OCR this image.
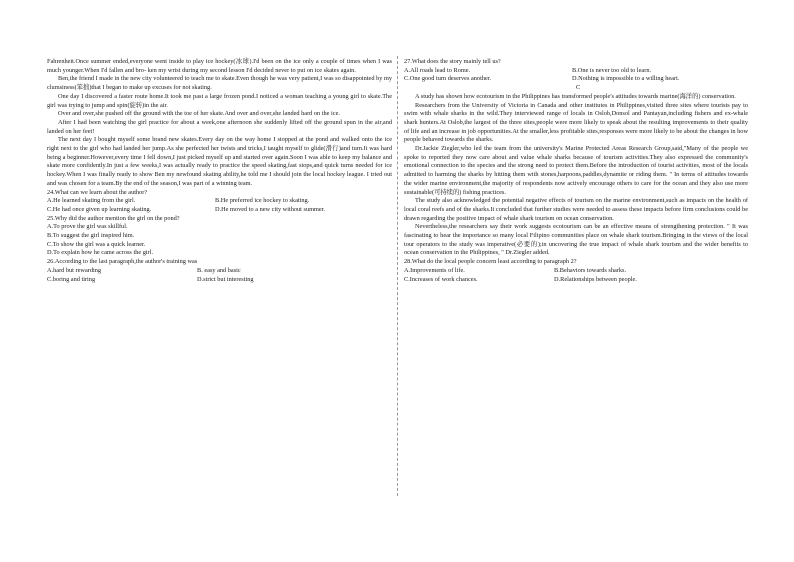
Fahrenheit.Once summer ended,everyone went inside to play ice hockey(冰球).I'd been on the ice only a couple of times when I was much younger.When I'd fallen and bro- ken my wrist during my second lesson I'd decided never to put on ice skates again.

Ben,the friend I made in the new city volunteered to teach me to skate.Even though he was very patient,I was so disappointed by my clumsiness(笨拙)that I began to make up excuses for not skating.

One day I discovered a faster route home.It took me past a large frozen pond.I noticed a woman teaching a young girl to skate.The girl was trying to jump and spin(旋转)in the air.

Over and over,she pushed off the ground with the toe of her skate.And over and over,she landed hard on the ice.

After I had been watching the girl practice for about a week,one afternoon she suddenly lifted off the ground spun in the air,and landed on her feet!

The next day I bought myself some brand new skates.Every day on the way home I stopped at the pond and walked onto the ice right next to the girl who had landed her jump.As she perfected her twists and tricks,I taught myself to glide(滑行)and turn.It was hard being a beginner.However,every time I fell down,I just picked myself up and started over again.Soon I was able to keep my balance and skate more confidently.In just a few weeks,I was actually ready to practice the speed skating,fast stops,and quick turns needed for ice hockey.When I was finally ready to show Ben my newfound skating ability,he told me I should join the local hockey league. I tried out and was chosen for a team.By the end of the season,I was part of a winning team.

24.What can we learn about the author?

A.He learned skating from the girl.	B.He preferred ice hockey to skating.
C.He had once given up learning skating.	D.He moved to a new city without summer.

25.Why did the author mention the girl on the pond?

A.To prove the girl was skillful.
B.To suggest the girl inspired him.
C.To show the girl was a quick learner.
D.To explain how he came across the girl.

26.According to the last paragraph,the author's training was

A.hard but rewarding	B. easy and basic
C.boring and tiring	D.strict but interesting

27.What does the story mainly tell us?

A.All roads lead to Rome.	B.One is never too old to learn.
C.One good turn deserves another.	D.Nothing is impossible to a willing heart.

C

A study has shown how ecotourism in the Philippines has transformed people's attitudes towards marine(海洋的) conservation.

Researchers from the University of Victoria in Canada and other institutes in Philippines,visited three sites where tourists pay to swim with whale sharks in the wild.They interviewed range of locals in Oslob,Donsol and Pantayan,including fishers and ex-whale shark hunters.At Oslob,the largest of the three sites,people were more likely to speak about the resulting improvements to their quality of life and an increase in job opportunities.At the smaller,less profitable sites,responses were more likely to be about the changes in how people behaved towards the sharks.

Dr.Jackie Ziegler,who led the team from the university's Marine Protected Areas Research Group,said,"Many of the people we spoke to reported they now care about and value whale sharks because of tourism activities.They also expressed the community's emotional connection to the species and the strong need to protect them.Before the introduction of tourist activities, most of the locals admitted to harming the sharks by hitting them with stones,harpoons,paddles,dynamite or riding them. " In terms of attitudes towards the wider marine environment,the majority of respondents now actively encourage others to care for the ocean and they also use more sustainable(可持续的) fishing practices.

The study also acknowledged the potential negative effects of tourism on the marine environment,such as impacts on the health of local coral reefs and of the sharks.It concluded that further studies were needed to assess these impacts before firm conclusions could be drawn regarding the positive impact of whale shark tourism on ocean conservation.

Nevertheless,the researchers say their work suggests ecotourism can be an effective means of strengthening protection. " It was fascinating to hear the importance so many local Filipino communities place on whale shark tourism.Bringing in the views of the local tour operators to the study was imperative(必要的);in uncovering the true impact of whale shark tourism and the wider benefits to ocean conservation in the Philippines, " Dr.Ziegler added.

28.What do the local people concern least according to paragraph 2?

A.Improvements of life.	B.Behaviors towards sharks.
C.Increases of work chances.	D.Relationships between people.
